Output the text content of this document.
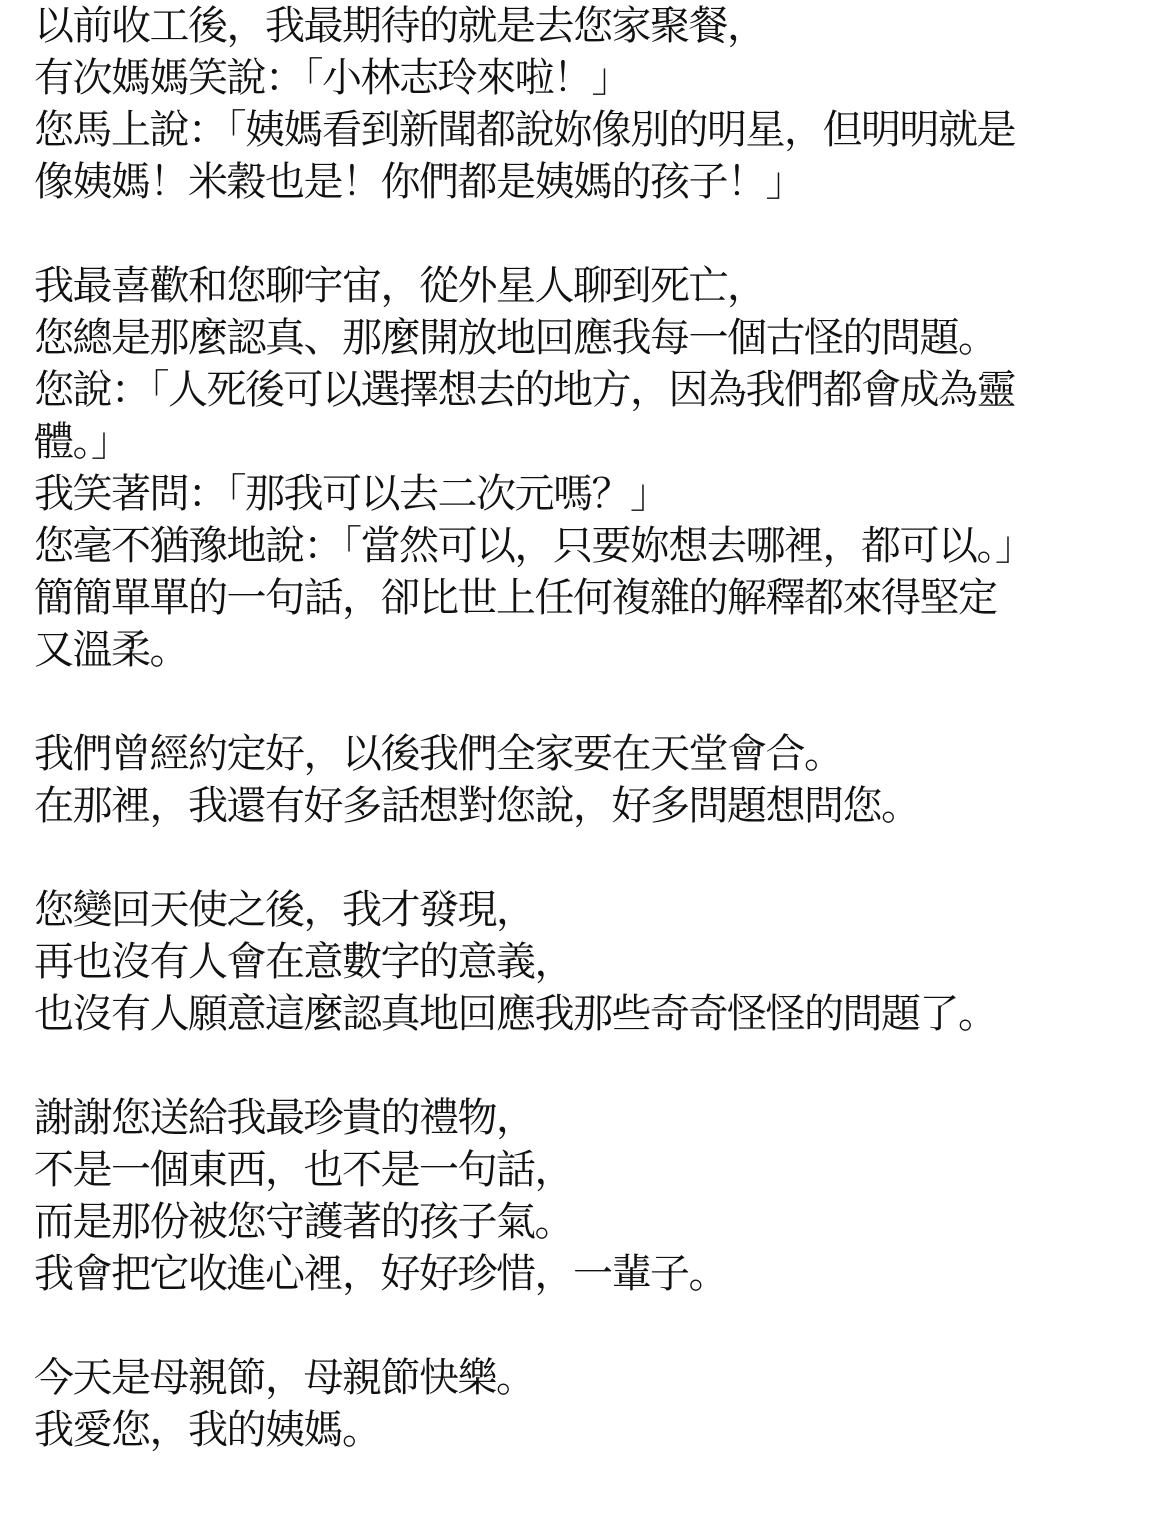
以前收工後，我最期待的就是去您家聚餐，
有次媽媽笑說：「小林志玲來啦！」
您馬上說：「姨媽看到新聞都說妳像別的明星，但明明就是
像姨媽！米穀也是！你們都是姨媽的孩子！」
我最喜歡和您聊宇宙，從外星人聊到死亡，
您總是那麼認真、那麼開放地回應我每一個古怪的問題。
您說：「人死後可以選擇想去的地方，因為我們都會成為靈
體。」
我笑著問：「那我可以去二次元嗎？」
您毫不猶豫地說：「當然可以，只要妳想去哪裡，都可以。」
簡簡單單的一句話，卻比世上任何複雜的解釋都來得堅定
又溫柔。
我們曾經約定好，以後我們全家要在天堂會合。
在那裡，我還有好多話想對您說，好多問題想問您。
您變回天使之後，我才發現，
再也沒有人會在意數字的意義，
也沒有人願意這麼認真地回應我那些奇奇怪怪的問題了。
謝謝您送給我最珍貴的禮物，
不是一個東西，也不是一句話，
而是那份被您守護著的孩子氣。
我會把它收進心裡，好好珍惜，一輩子。
今天是母親節，母親節快樂。
我愛您，我的姨媽。
